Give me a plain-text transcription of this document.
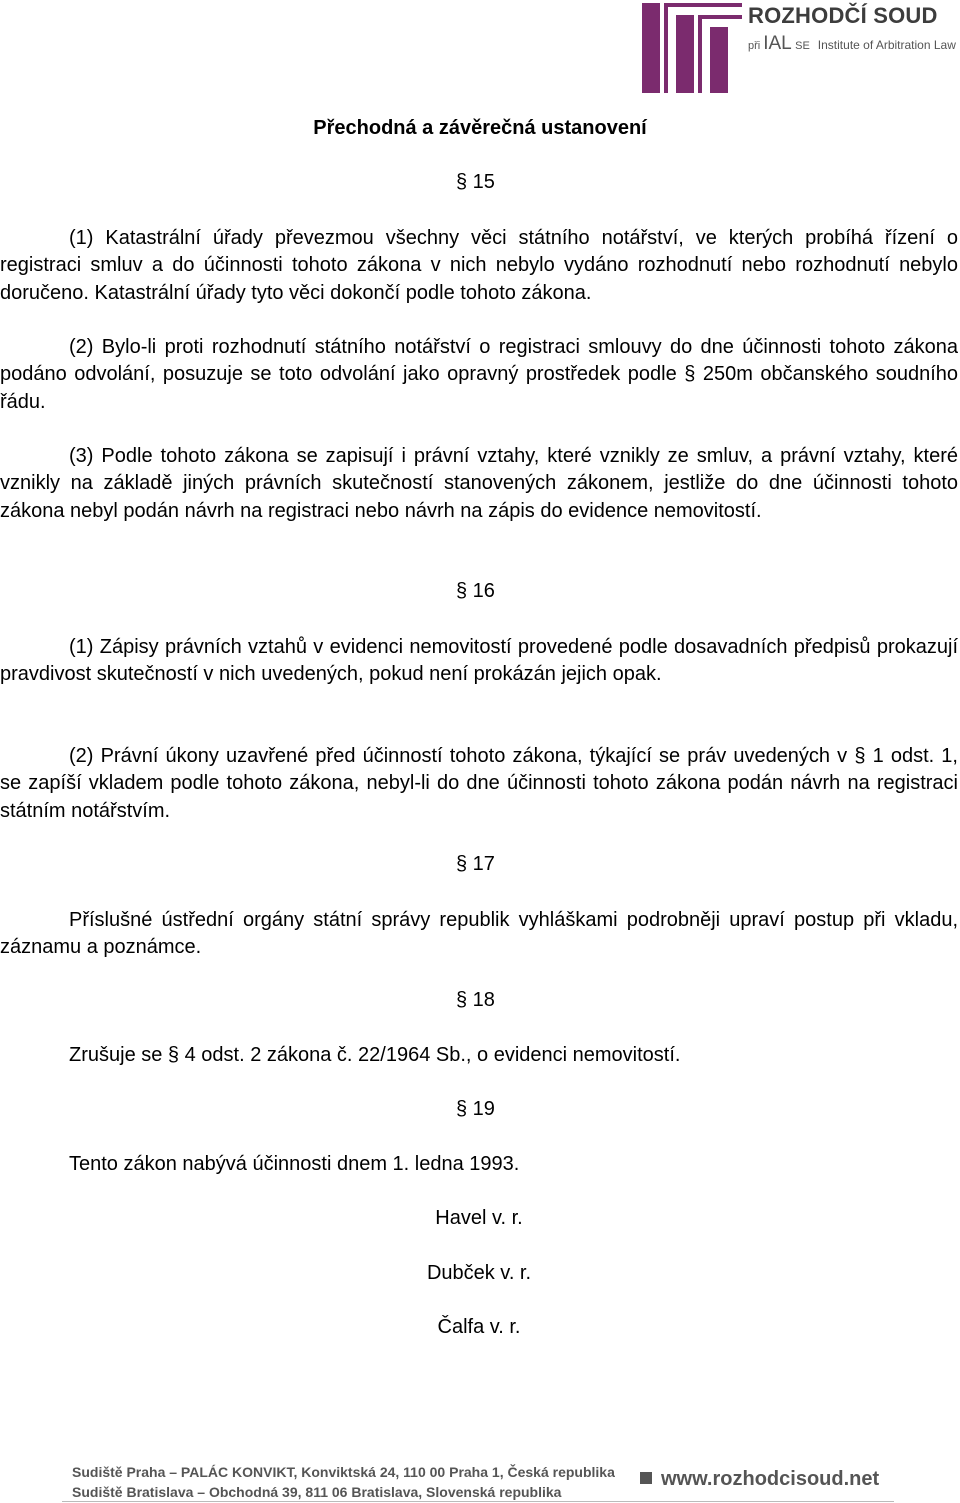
ROZHODČÍ SOUD
při IAL SE Institute of Arbitration Law
Přechodná a závěrečná ustanovení
§ 15

(1) Katastrální úřady převezmou všechny věci státního notářství, ve kterých probíhá řízení o registraci smluv a do účinnosti tohoto zákona v nich nebylo vydáno rozhodnutí nebo rozhodnutí nebylo doručeno. Katastrální úřady tyto věci dokončí podle tohoto zákona.

(2) Bylo-li proti rozhodnutí státního notářství o registraci smlouvy do dne účinnosti tohoto zákona podáno odvolání, posuzuje se toto odvolání jako opravný prostředek podle § 250m občanského soudního řádu.

(3) Podle tohoto zákona se zapisují i právní vztahy, které vznikly ze smluv, a právní vztahy, které vznikly na základě jiných právních skutečností stanovených zákonem, jestliže do dne účinnosti tohoto zákona nebyl podán návrh na registraci nebo návrh na zápis do evidence nemovitostí.

§ 16

(1) Zápisy právních vztahů v evidenci nemovitostí provedené podle dosavadních předpisů prokazují pravdivost skutečností v nich uvedených, pokud není prokázán jejich opak.

(2) Právní úkony uzavřené před účinností tohoto zákona, týkající se práv uvedených v § 1 odst. 1, se zapíší vkladem podle tohoto zákona, nebyl-li do dne účinnosti tohoto zákona podán návrh na registraci státním notářstvím.

§ 17

Příslušné ústřední orgány státní správy republik vyhláškami podrobněji upraví postup při vkladu, záznamu a poznámce.

§ 18
Zrušuje se § 4 odst. 2 zákona č. 22/1964 Sb., o evidenci nemovitostí.
§ 19
Tento zákon nabývá účinnosti dnem 1. ledna 1993.
Havel v. r.
Dubček v. r.
Čalfa v. r.
Sudiště Praha – PALÁC KONVIKT, Konviktská 24, 110 00 Praha 1, Česká republika
Sudiště Bratislava – Obchodná 39, 811 06 Bratislava, Slovenská republika
www.rozhodcisoud.net
